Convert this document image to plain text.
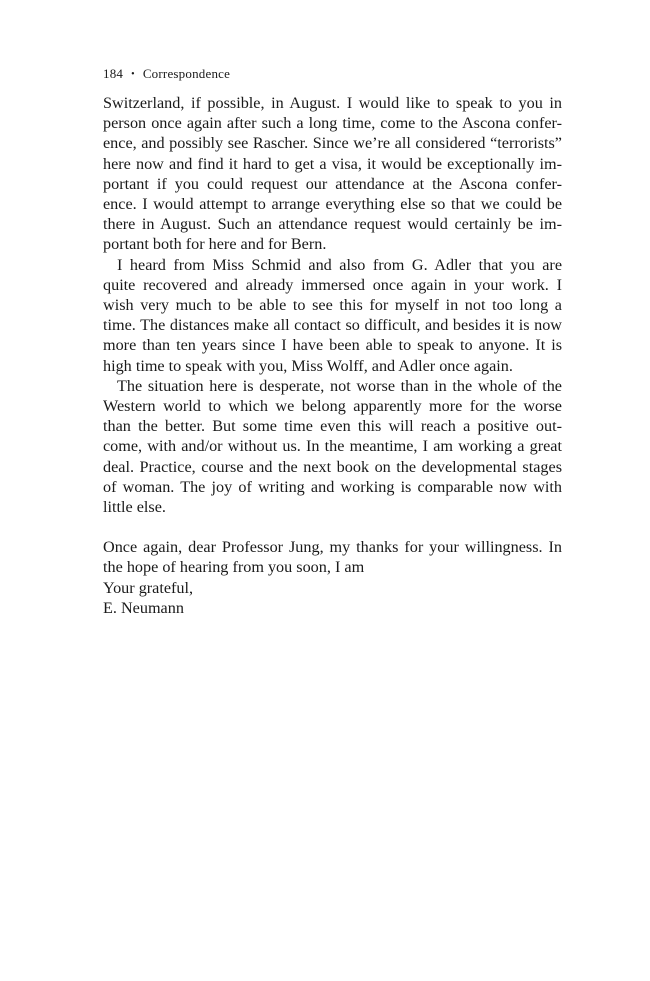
184 • Correspondence
Switzerland, if possible, in August. I would like to speak to you in
person once again after such a long time, come to the Ascona confer-
ence, and possibly see Rascher. Since we’re all considered “terrorists”
here now and find it hard to get a visa, it would be exceptionally im-
portant if you could request our attendance at the Ascona confer-
ence. I would attempt to arrange everything else so that we could be
there in August. Such an attendance request would certainly be im-
portant both for here and for Bern.
I heard from Miss Schmid and also from G. Adler that you are
quite recovered and already immersed once again in your work. I
wish very much to be able to see this for myself in not too long a
time. The distances make all contact so difficult, and besides it is now
more than ten years since I have been able to speak to anyone. It is
high time to speak with you, Miss Wolff, and Adler once again.
The situation here is desperate, not worse than in the whole of the
Western world to which we belong apparently more for the worse
than the better. But some time even this will reach a positive out-
come, with and/or without us. In the meantime, I am working a great
deal. Practice, course and the next book on the developmental stages
of woman. The joy of writing and working is comparable now with
little else.
Once again, dear Professor Jung, my thanks for your willingness. In
the hope of hearing from you soon, I am
Your grateful,
E. Neumann
